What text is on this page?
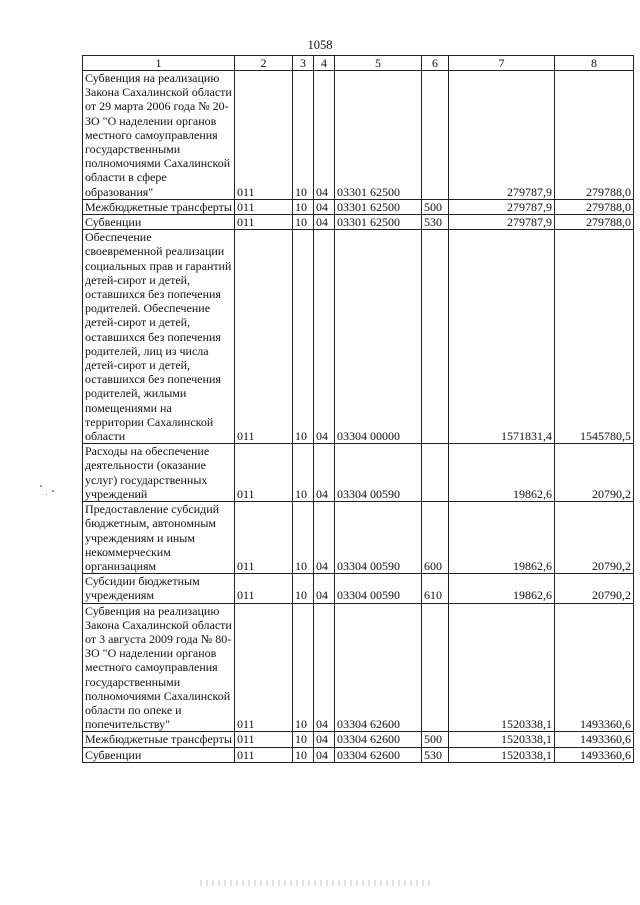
1058
1	2	3	4	5	6	7	8
Субвенция на реализацию Закона Сахалинской области от 29 марта 2006 года № 20-ЗО "О наделении органов местного самоуправления государственными полномочиями Сахалинской области в сфере образования"	011	10	04	03301 62500		279787,9	279788,0
Межбюджетные трансферты	011	10	04	03301 62500	500	279787,9	279788,0
Субвенции	011	10	04	03301 62500	530	279787,9	279788,0
Обеспечение своевременной реализации социальных прав и гарантий детей-сирот и детей, оставшихся без попечения родителей. Обеспечение детей-сирот и детей, оставшихся без попечения родителей, лиц из числа детей-сирот и детей, оставшихся без попечения родителей, жилыми помещениями на территории Сахалинской области	011	10	04	03304 00000		1571831,4	1545780,5
Расходы на обеспечение деятельности (оказание услуг) государственных учреждений	011	10	04	03304 00590		19862,6	20790,2
Предоставление субсидий бюджетным, автономным учреждениям и иным некоммерческим организациям	011	10	04	03304 00590	600	19862,6	20790,2
Субсидии бюджетным учреждениям	011	10	04	03304 00590	610	19862,6	20790,2
Субвенция на реализацию Закона Сахалинской области от 3 августа 2009 года № 80-ЗО "О наделении органов местного самоуправления государственными полномочиями Сахалинской области по опеке и попечительству"	011	10	04	03304 62600		1520338,1	1493360,6
Межбюджетные трансферты	011	10	04	03304 62600	500	1520338,1	1493360,6
Субвенции	011	10	04	03304 62600	530	1520338,1	1493360,6
